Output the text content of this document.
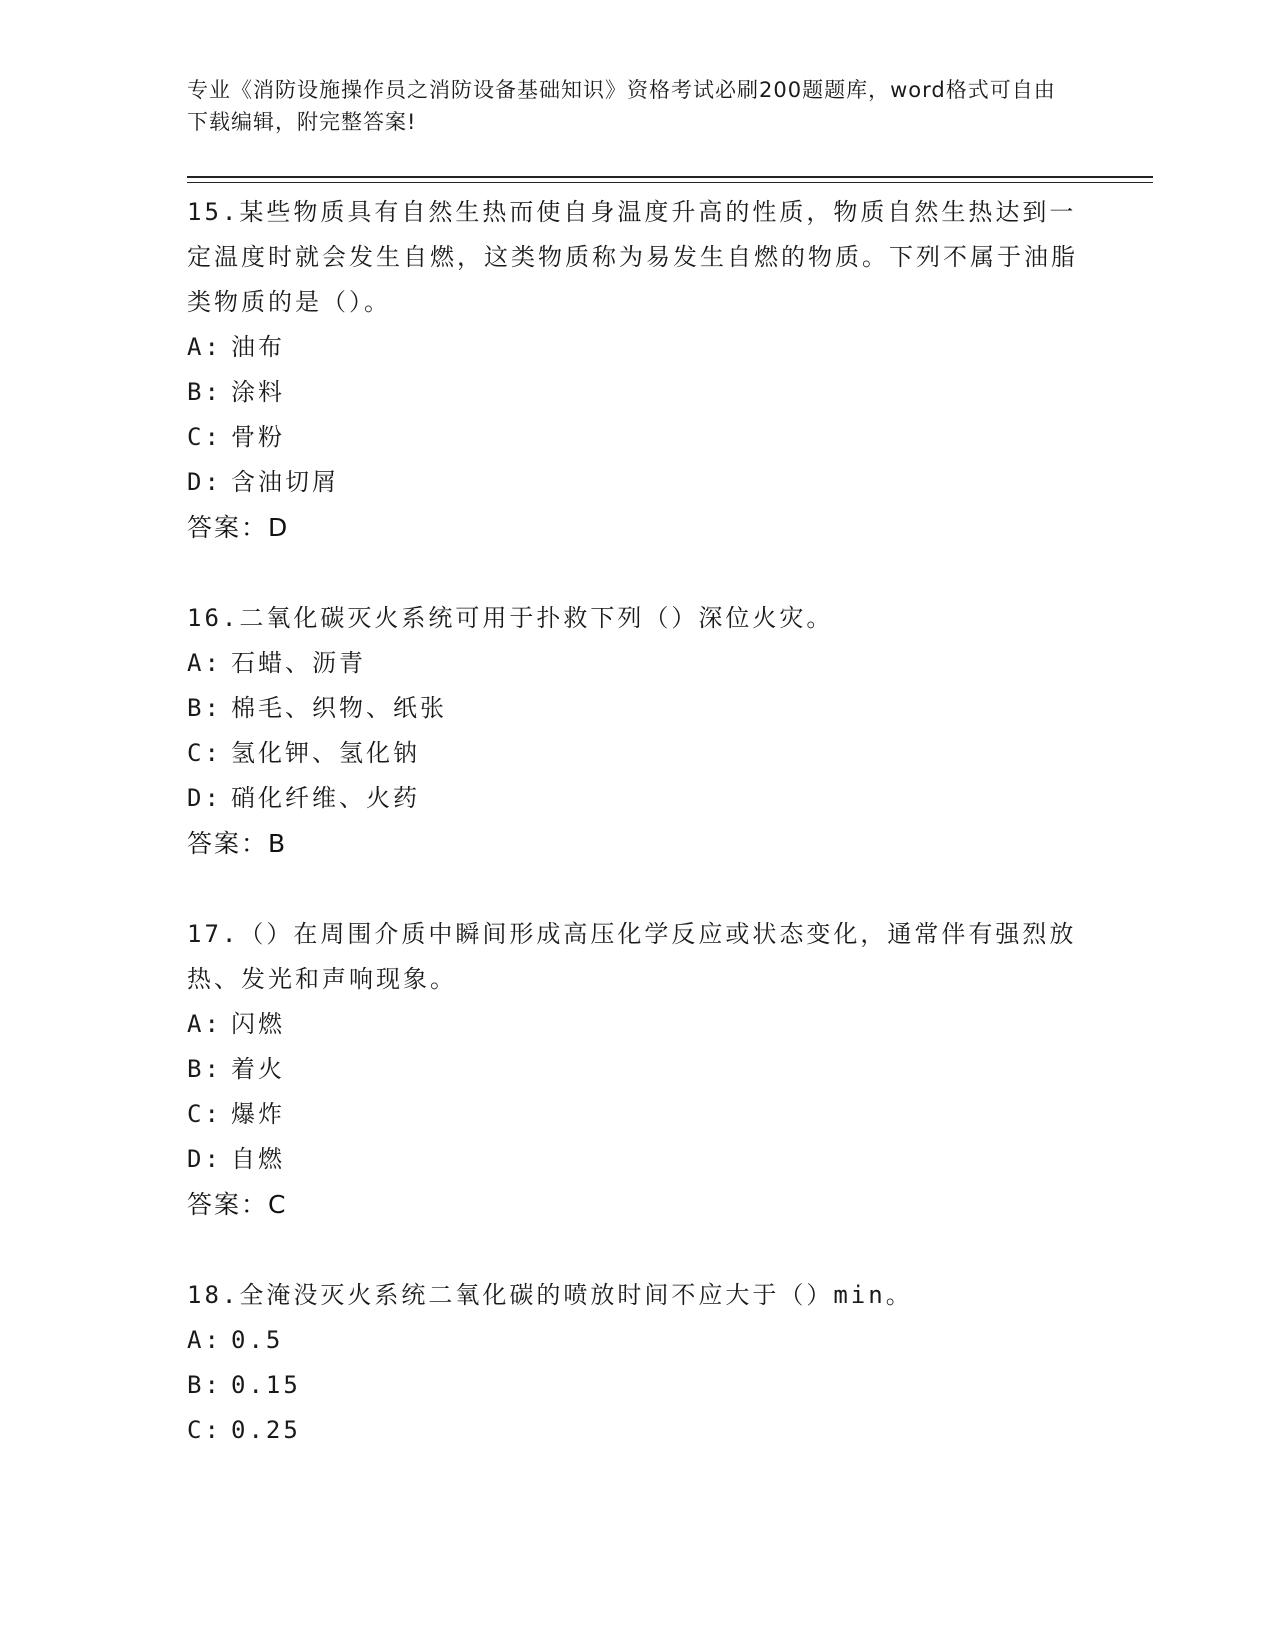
专业《消防设施操作员之消防设备基础知识》资格考试必刷200题题库，word格式可自由下载编辑，附完整答案!

15.某些物质具有自然生热而使自身温度升高的性质，物质自然生热达到一定温度时就会发生自燃，这类物质称为易发生自燃的物质。下列不属于油脂类物质的是（）。

A: 油布
B: 涂料
C: 骨粉
D: 含油切屑
答案：D

16.二氧化碳灭火系统可用于扑救下列（）深位火灾。

A: 石蜡、沥青
B: 棉毛、织物、纸张
C: 氢化钾、氢化钠
D: 硝化纤维、火药
答案：B

17.（）在周围介质中瞬间形成高压化学反应或状态变化，通常伴有强烈放热、发光和声响现象。

A: 闪燃
B: 着火
C: 爆炸
D: 自燃
答案：C

18.全淹没灭火系统二氧化碳的喷放时间不应大于（）min。

A: 0.5
B: 0.15
C: 0.25
